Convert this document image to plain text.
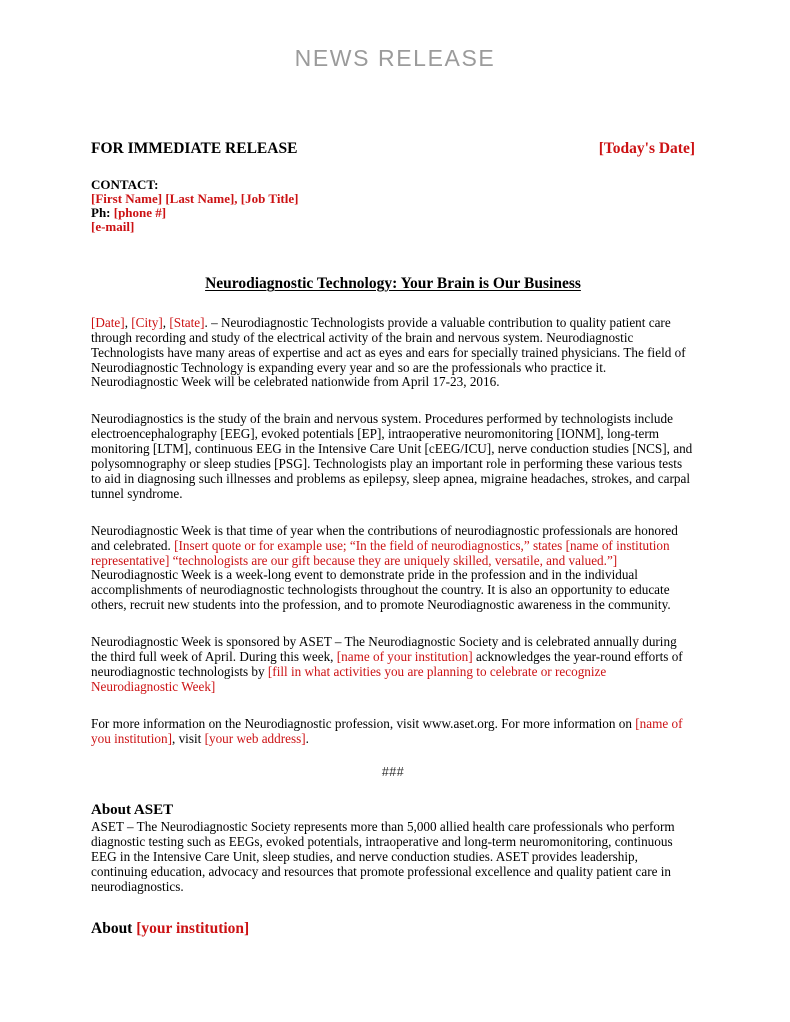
NEWS RELEASE
FOR IMMEDIATE RELEASE	[Today's Date]
CONTACT:
[First Name] [Last Name], [Job Title]
Ph: [phone #]
[e-mail]
Neurodiagnostic Technology: Your Brain is Our Business
[Date], [City], [State]. – Neurodiagnostic Technologists provide a valuable contribution to quality patient care through recording and study of the electrical activity of the brain and nervous system. Neurodiagnostic Technologists have many areas of expertise and act as eyes and ears for specially trained physicians. The field of Neurodiagnostic Technology is expanding every year and so are the professionals who practice it. Neurodiagnostic Week will be celebrated nationwide from April 17-23, 2016.
Neurodiagnostics is the study of the brain and nervous system. Procedures performed by technologists include electroencephalography [EEG], evoked potentials [EP], intraoperative neuromonitoring [IONM], long-term monitoring [LTM], continuous EEG in the Intensive Care Unit [cEEG/ICU], nerve conduction studies [NCS], and polysomnography or sleep studies [PSG]. Technologists play an important role in performing these various tests to aid in diagnosing such illnesses and problems as epilepsy, sleep apnea, migraine headaches, strokes, and carpal tunnel syndrome.
Neurodiagnostic Week is that time of year when the contributions of neurodiagnostic professionals are honored and celebrated. [Insert quote or for example use; “In the field of neurodiagnostics,” states [name of institution representative] “technologists are our gift because they are uniquely skilled, versatile, and valued.”] Neurodiagnostic Week is a week-long event to demonstrate pride in the profession and in the individual accomplishments of neurodiagnostic technologists throughout the country. It is also an opportunity to educate others, recruit new students into the profession, and to promote Neurodiagnostic awareness in the community.
Neurodiagnostic Week is sponsored by ASET – The Neurodiagnostic Society and is celebrated annually during the third full week of April. During this week, [name of your institution] acknowledges the year-round efforts of neurodiagnostic technologists by [fill in what activities you are planning to celebrate or recognize Neurodiagnostic Week]
For more information on the Neurodiagnostic profession, visit www.aset.org. For more information on [name of you institution], visit [your web address].
###
About ASET
ASET – The Neurodiagnostic Society represents more than 5,000 allied health care professionals who perform diagnostic testing such as EEGs, evoked potentials, intraoperative and long-term neuromonitoring, continuous EEG in the Intensive Care Unit, sleep studies, and nerve conduction studies. ASET provides leadership, continuing education, advocacy and resources that promote professional excellence and quality patient care in neurodiagnostics.
About [your institution]
